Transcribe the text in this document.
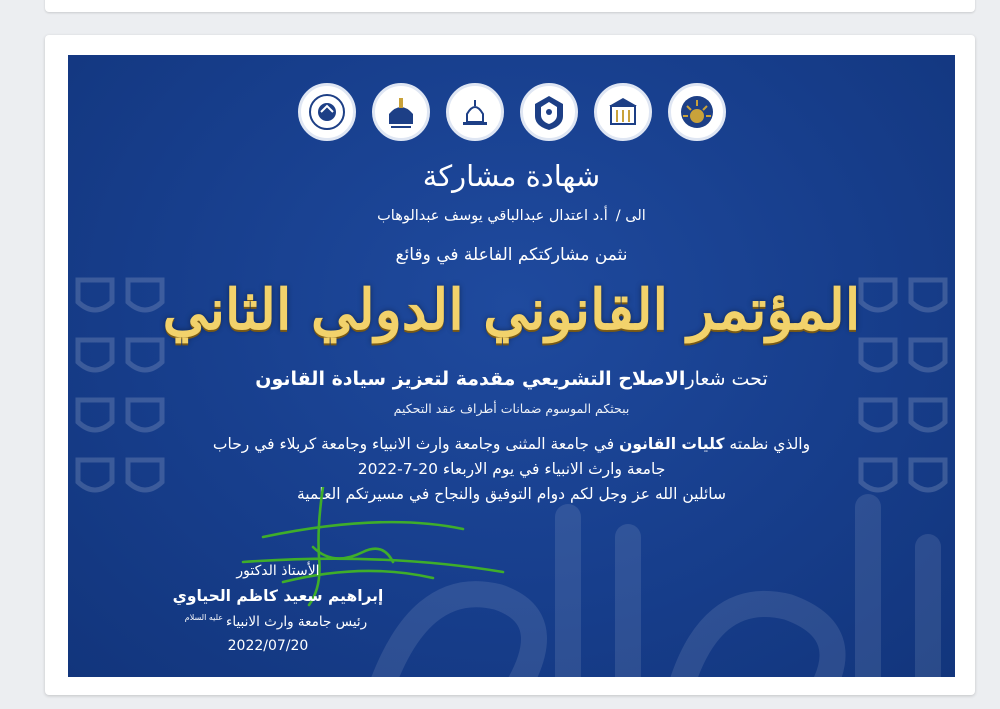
شهادة مشاركة
الى /أ.د اعتدال عبدالباقي يوسف عبدالوهاب
نثمن مشاركتكم الفاعلة في وقائع
المؤتمر القانوني الدولي الثاني
تحت شعارالاصلاح التشريعي مقدمة لتعزيز سيادة القانون
ببحثكم الموسوم ضمانات أطراف عقد التحكيم
والذي نظمته كليات القانون في جامعة المثنى وجامعة وارث الانبياء وجامعة كربلاء في رحاب
جامعة وارث الانبياء في يوم الاربعاء 20-7-2022
سائلين الله عز وجل لكم دوام التوفيق والنجاح في مسيرتكم العلمية
الأستاذ الدكتور
إبراهيم سعيد كاظم الحياوي
رئيس جامعة وارث الانبياء$^{عليه السلام}$
2022/07/20
